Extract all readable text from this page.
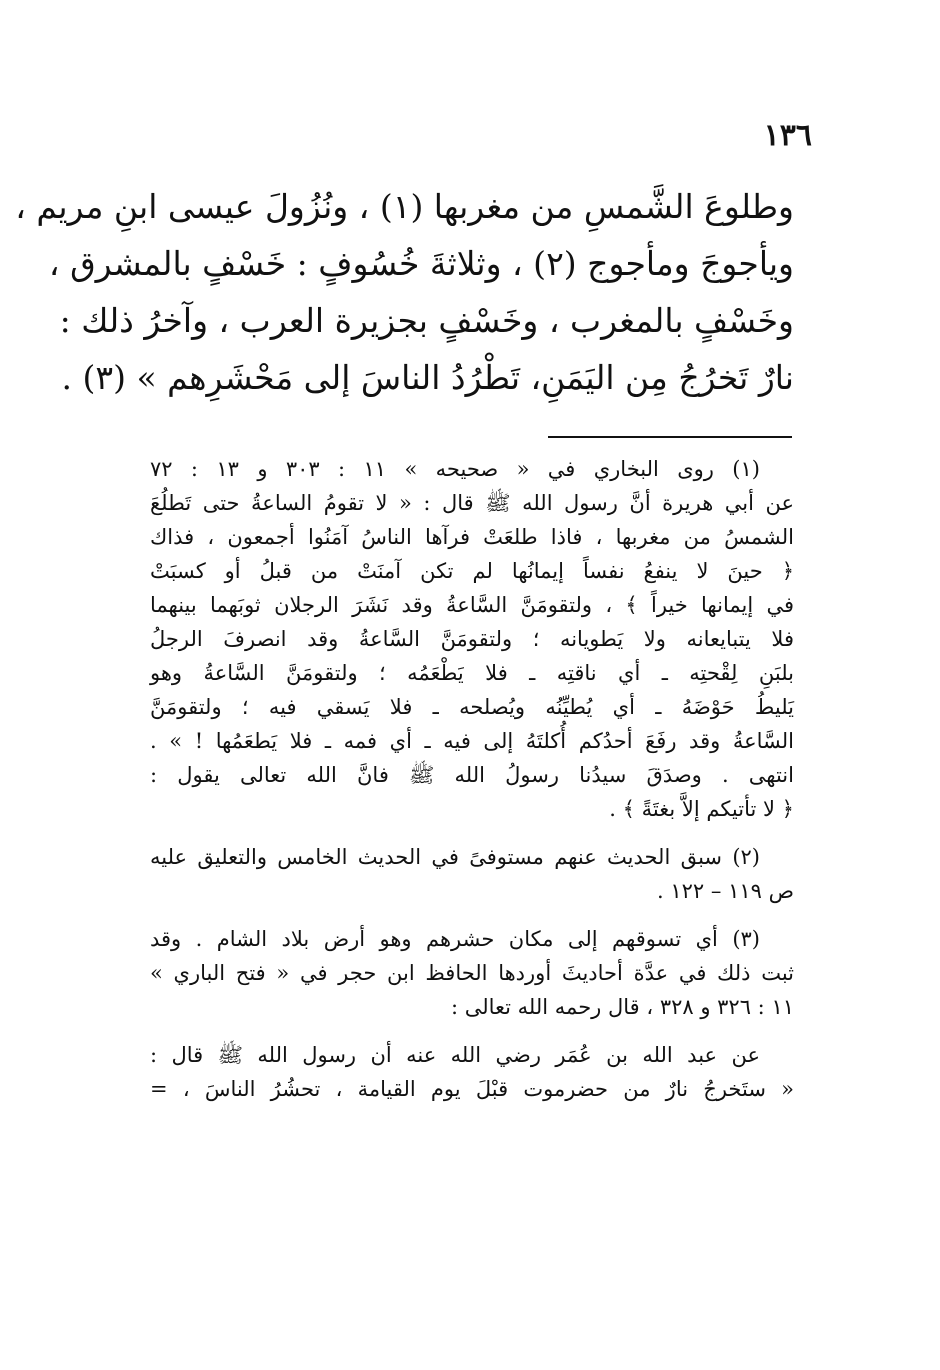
١٣٦
وطلوعَ الشَّمسِ من مغربها (١) ، ونُزُولَ عيسى ابنِ مريم ،
ويأجوجَ ومأجوج (٢) ، وثلاثةَ خُسُوفٍ : خَسْفٍ بالمشرق ،
وخَسْفٍ بالمغرب ، وخَسْفٍ بجزيرة العرب ، وآخرُ ذلك :
نارٌ تَخرُجُ مِن اليَمَنِ، تَطْرُدُ الناسَ إلى مَحْشَرِهم » (٣) .
(١) روى البخاري في « صحيحه » ١١ : ٣٠٣ و ١٣ : ٧٢
عن أبي هريرة أنَّ رسول الله ﷺ قال : « لا تقومُ الساعةُ حتى تَطلُعَ
الشمسُ من مغربها ، فاذا طلعَتْ فرآها الناسُ آمَنُوا أجمعون ، فذاك
﴿ حينَ لا ينفعُ نفساً إيمانُها لم تكن آمنَتْ من قبلُ أو كسبَتْ
في إيمانها خيراً ﴾ ، ولتقومَنَّ السَّاعةُ وقد نَشَرَ الرجلان ثوبَهما بينهما
فلا يتبايعانه ولا يَطويانه ؛ ولتقومَنَّ السَّاعةُ وقد انصرفَ الرجلُ
بلبَنِ لِقْحتِه ـ أي ناقتِه ـ فلا يَطْعَمُه ؛ ولتقومَنَّ السَّاعةُ وهو
يَليطُ حَوْضَهُ ـ أي يُطيِّنُه ويُصلحه ـ فلا يَسقي فيه ؛ ولتقومَنَّ
السَّاعةُ وقد رفَعَ أحدُكم أُكلتَهُ إلى فيه ـ أي فمه ـ فلا يَطعَمُها ! » .
انتهى . وصدَقَ سيدُنا رسولُ الله ﷺ فانَّ الله تعالى يقول :
﴿ لا تأتيكم إلاَّ بغتَةً ﴾ .
(٢) سبق الحديث عنهم مستوفىً في الحديث الخامس والتعليق عليه
ص ١١٩ – ١٢٢ .
(٣) أي تسوقهم إلى مكان حشرهم وهو أرض بلاد الشام . وقد
ثبت ذلك في عدَّة أحاديثَ أوردها الحافظ ابن حجر في « فتح الباري »
١١ : ٣٢٦ و ٣٢٨ ، قال رحمه الله تعالى :
عن عبد الله بن عُمَر رضي الله عنه أن رسول الله ﷺ قال :
« ستَخرجُ نارٌ من حضرموت قبْلَ يوم القيامة ، تحشُرُ الناسَ ، =
